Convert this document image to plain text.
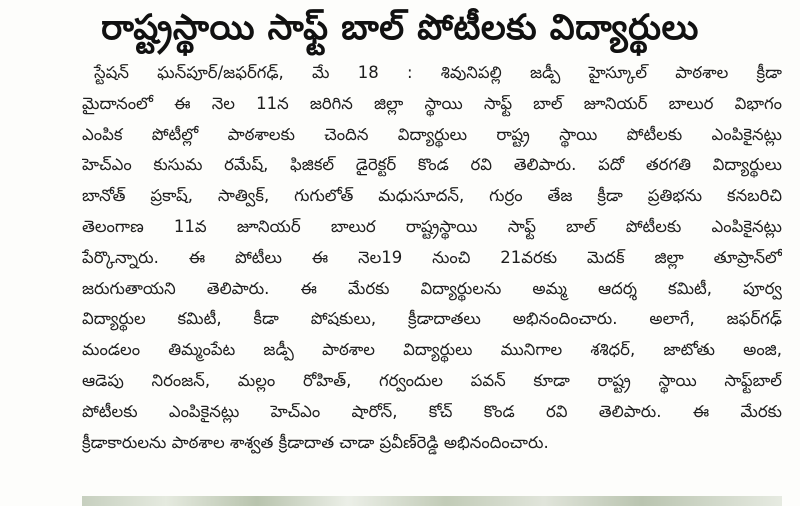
రాష్ట్రస్థాయి సాఫ్ట్ బాల్ పోటీలకు విద్యార్థులు
స్టేషన్ ఘన్‌పూర్/జఫర్‌గఢ్, మే 18 : శివునిపల్లి జడ్పీ హైస్కూల్ పాఠశాల క్రీడా
మైదానంలో ఈ నెల 11న జరిగిన జిల్లా స్థాయి సాఫ్ట్ బాల్ జూనియర్ బాలుర విభాగం
ఎంపిక పోటీల్లో పాఠశాలకు చెందిన విద్యార్థులు రాష్ట్ర స్థాయి పోటీలకు ఎంపికైనట్లు
హెచ్ఎం కుసుమ రమేష్, ఫిజికల్ డైరెక్టర్ కొండ రవి తెలిపారు. పదో తరగతి విద్యార్థులు
బానోత్ ప్రకాష్, సాత్విక్, గుగులోత్ మధుసూదన్, గుర్రం తేజ క్రీడా ప్రతిభను కనబరిచి
తెలంగాణ 11వ జూనియర్ బాలుర రాష్ట్రస్థాయి సాఫ్ట్ బాల్ పోటీలకు ఎంపికైనట్లు
పేర్కొన్నారు. ఈ పోటీలు ఈ నెల19 నుంచి 21వరకు మెదక్ జిల్లా తూప్రాన్‌లో
జరుగుతాయని తెలిపారు. ఈ మేరకు విద్యార్థులను అమ్మ ఆదర్శ కమిటీ, పూర్వ
విద్యార్థుల కమిటీ, కీడా పోషకులు, క్రీడాదాతలు అభినందించారు. అలాగే, జఫర్‌గఢ్
మండలం తిమ్మంపేట జడ్పీ పాఠశాల విద్యార్థులు మునిగాల శశిధర్, జాటోతు అంజి,
ఆడెపు నిరంజన్, మల్లం రోహిత్, గర్వందుల పవన్ కూడా రాష్ట్ర స్థాయి సాఫ్ట్‌బాల్
పోటీలకు ఎంపికైనట్లు హెచ్ఎం షారోన్, కోచ్ కొండ రవి తెలిపారు. ఈ మేరకు
క్రీడాకారులను పాఠశాల శాశ్వత క్రీడాదాత చాడా ప్రవీణ్‌రెడ్డి అభినందించారు.
